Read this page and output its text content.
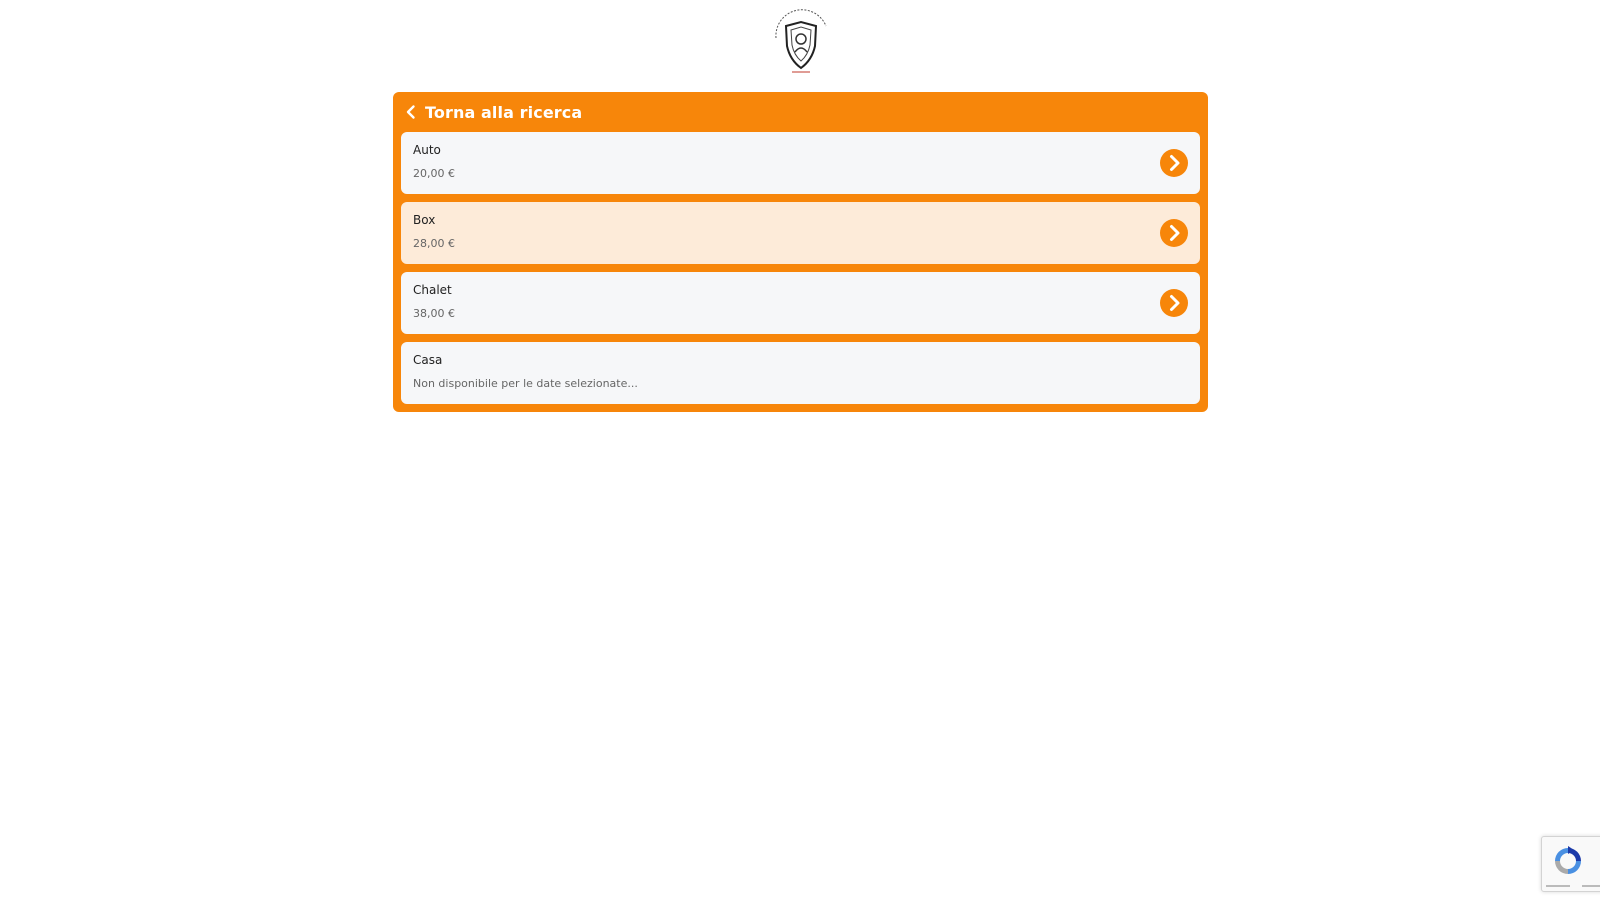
Torna alla ricerca
Auto
20,00 €
Box
28,00 €
Chalet
38,00 €
Casa
Non disponibile per le date selezionate...
